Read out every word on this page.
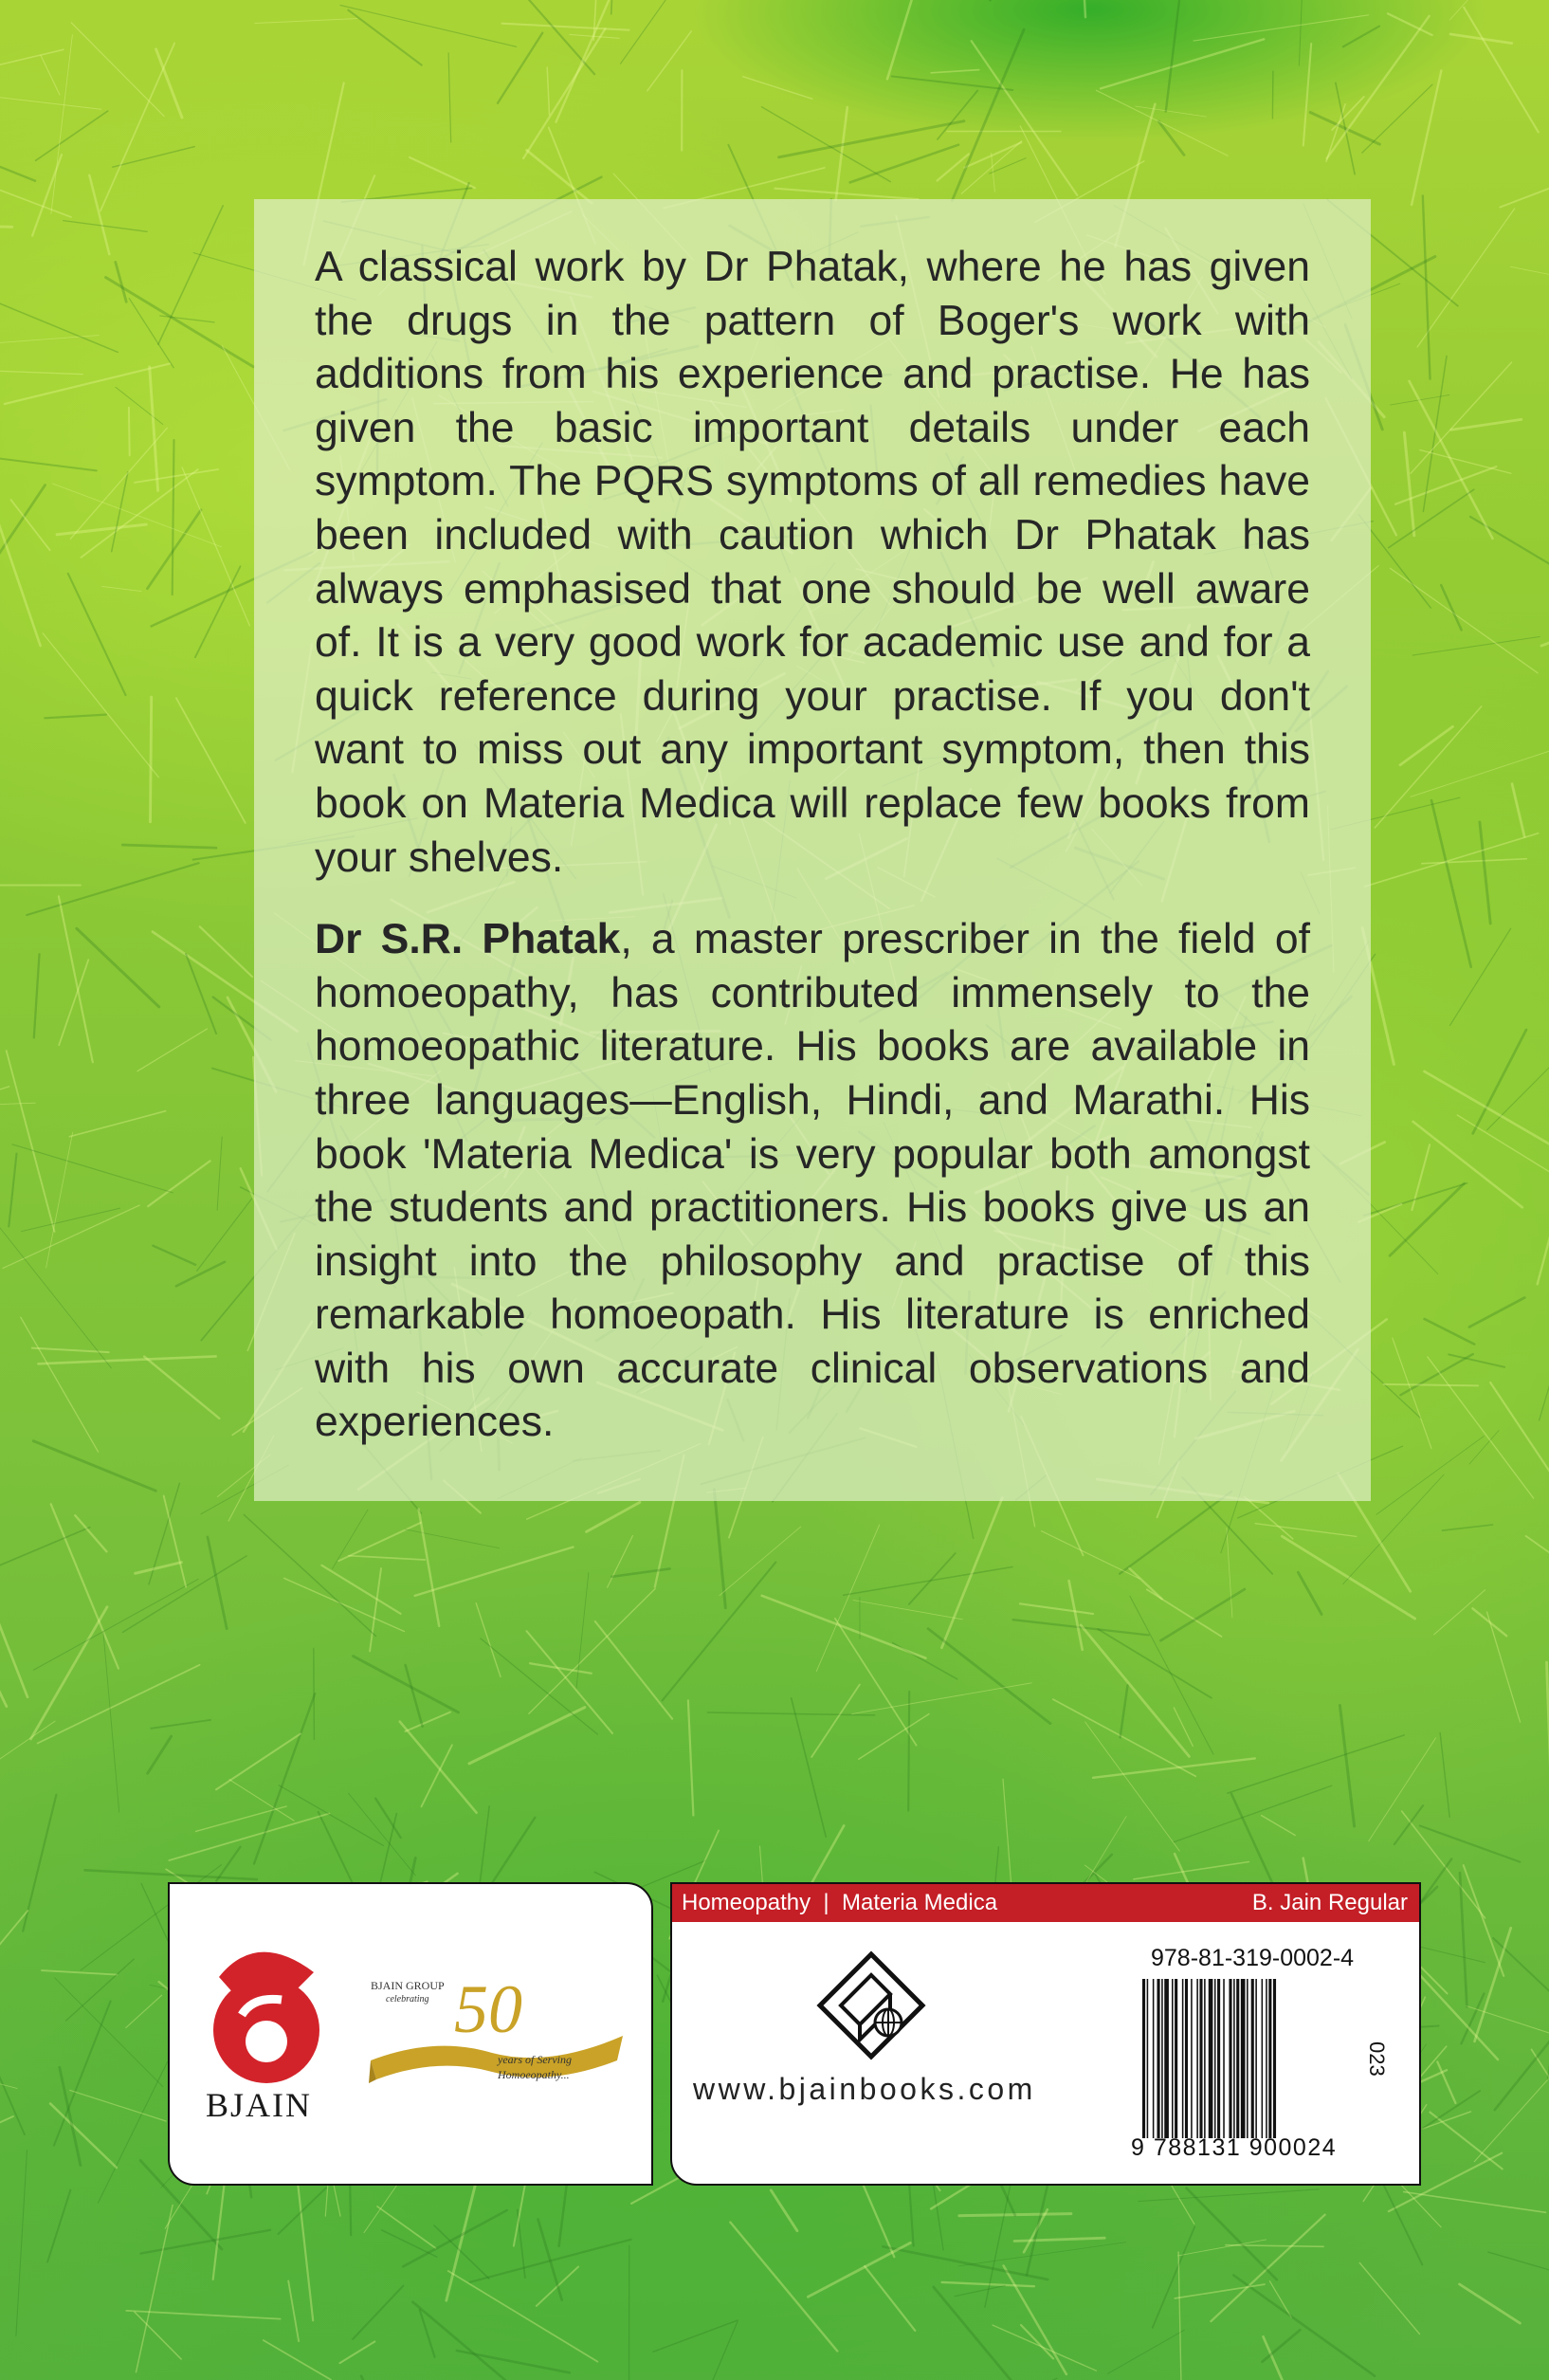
A classical work by Dr Phatak, where he has given the drugs in the pattern of Boger's work with additions from his experience and practise. He has given the basic important details under each symptom. The PQRS symptoms of all remedies have been included with caution which Dr Phatak has always emphasised that one should be well aware of. It is a very good work for academic use and for a quick reference during your practise. If you don't want to miss out any important symptom, then this book on Materia Medica will replace few books from your shelves.

Dr S.R. Phatak, a master prescriber in the field of homoeopathy, has contributed immensely to the homoeopathic literature. His books are available in three languages—English, Hindi, and Marathi. His book 'Materia Medica' is very popular both amongst the students and practitioners. His books give us an insight into the philosophy and practise of this remarkable homoeopath. His literature is enriched with his own accurate clinical observations and experiences.

BJAIN
BJAIN GROUP
celebrating 50
years of Serving
Homoeopathy...
Homeopathy  |  Materia Medica	B. Jain Regular
www.bjainbooks.com
978-81-319-0002-4
9 788131 900024
023
